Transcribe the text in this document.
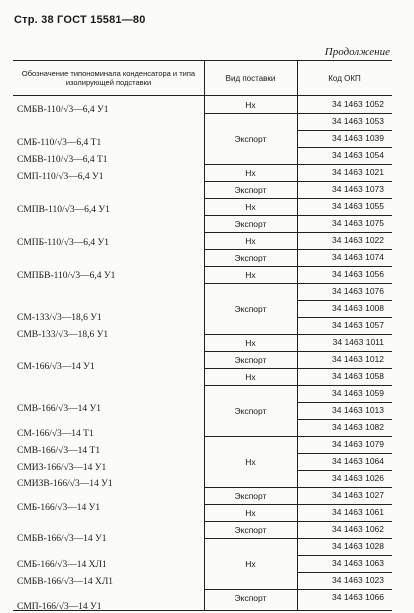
Стр. 38 ГОСТ 15581—80
Продолжение
Обозначение типономинала конденсатора и типа изолирующей подставки	Вид поставки	Код ОКП
СМБВ-110/√3—6,4 У1
СМБ-110/√3—6,4 Т1
СМБВ-110/√3—6,4 Т1
СМП-110/√3—6,4 У1
СМПВ-110/√3—6,4 У1
СМПБ-110/√3—6,4 У1
СМПБВ-110/√3—6,4 У1
СМ-133/√3—18,6 У1
СМВ-133/√3—18,6 У1
СМ-166/√3—14 У1
СМВ-166/√3—14 У1
СМ-166/√3—14 Т1
СМВ-166/√3—14 Т1
СМИЗ-166/√3—14 У1
СМИЗВ-166/√3—14 У1
СМБ-166/√3—14 У1
СМБВ-166/√3—14 У1
СМБ-166/√3—14 ХЛ1
СМБВ-166/√3—14 ХЛ1
СМП-166/√3—14 У1
34 1463 1052
34 1463 1053
34 1463 1039
34 1463 1054
34 1463 1021
34 1463 1073
34 1463 1055
34 1463 1075
34 1463 1022
34 1463 1074
34 1463 1056
34 1463 1076
34 1463 1008
34 1463 1057
34 1463 1011
34 1463 1012
34 1463 1058
34 1463 1059
34 1463 1013
34 1463 1082
34 1463 1079
34 1463 1064
34 1463 1026
34 1463 1027
34 1463 1061
34 1463 1062
34 1463 1028
34 1463 1063
34 1463 1023
34 1463 1066
Нх
Экспорт
Нх
Экспорт
Нх
Экспорт
Нх
Экспорт
Нх
Экспорт
Нх
Экспорт
Нх
Экспорт
Нх
Экспорт
Нх
Экспорт
Нх
Экспорт
